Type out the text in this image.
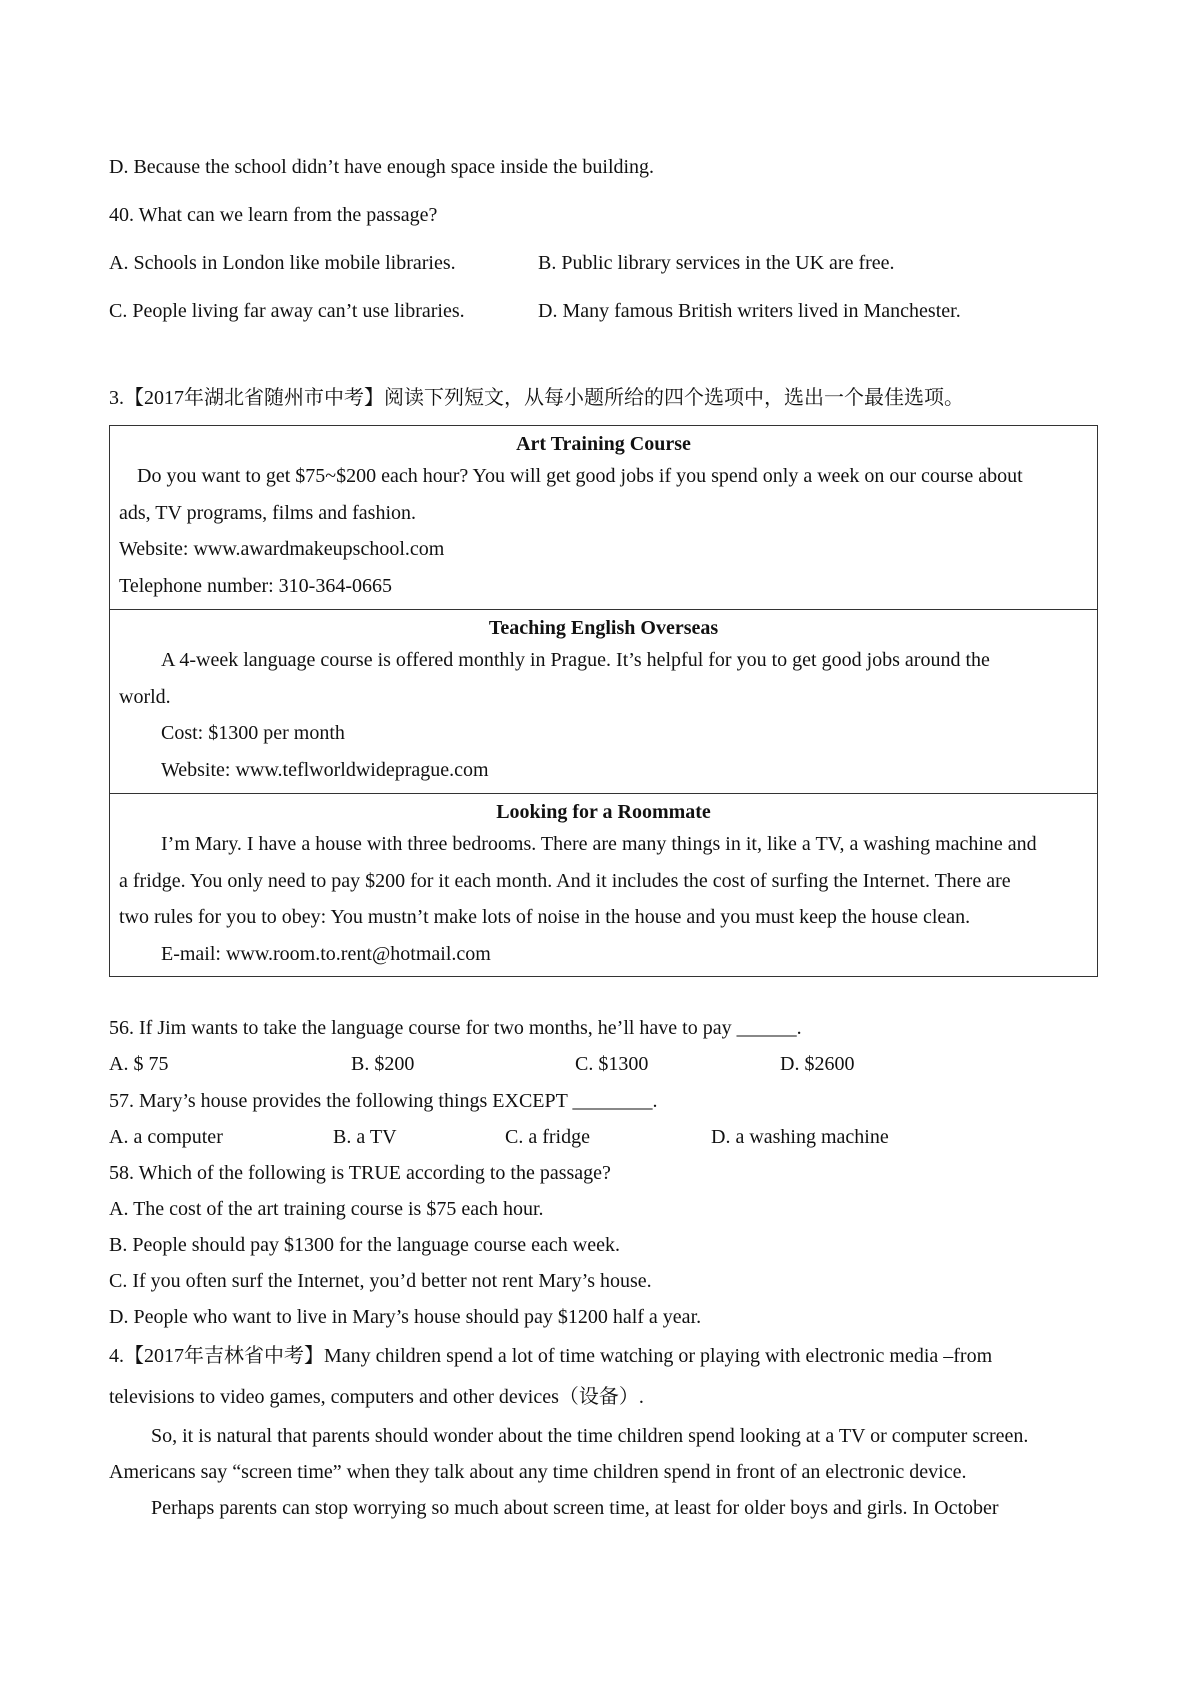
D. Because the school didn’t have enough space inside the building.
40. What can we learn from the passage?
A. Schools in London like mobile libraries.	B. Public library services in the UK are free.
C. People living far away can’t use libraries.	D. Many famous British writers lived in Manchester.
3.【2017年湖北省随州市中考】阅读下列短文，从每小题所给的四个选项中，选出一个最佳选项。
Art Training Course
Do you want to get $75~$200 each hour? You will get good jobs if you spend only a week on our course about
ads, TV programs, films and fashion.
Website: www.awardmakeupschool.com
Telephone number: 310-364-0665
Teaching English Overseas
A 4-week language course is offered monthly in Prague. It’s helpful for you to get good jobs around the
world.
Cost: $1300 per month
Website: www.teflworldwideprague.com
Looking for a Roommate
I’m Mary. I have a house with three bedrooms. There are many things in it, like a TV, a washing machine and
a fridge. You only need to pay $200 for it each month. And it includes the cost of surfing the Internet. There are
two rules for you to obey: You mustn’t make lots of noise in the house and you must keep the house clean.
E-mail: www.room.to.rent@hotmail.com
56. If Jim wants to take the language course for two months, he’ll have to pay ______.
A. $ 75	B. $200	C. $1300	D. $2600
57. Mary’s house provides the following things EXCEPT ________.
A. a computer	B. a TV	C. a fridge	D. a washing machine
58. Which of the following is TRUE according to the passage?
A. The cost of the art training course is $75 each hour.
B. People should pay $1300 for the language course each week.
C. If you often surf the Internet, you’d better not rent Mary’s house.
D. People who want to live in Mary’s house should pay $1200 half a year.
4.【2017年吉林省中考】Many children spend a lot of time watching or playing with electronic media –from
televisions to video games, computers and other devices（设备）.
So, it is natural that parents should wonder about the time children spend looking at a TV or computer screen.
Americans say “screen time” when they talk about any time children spend in front of an electronic device.
Perhaps parents can stop worrying so much about screen time, at least for older boys and girls. In October
